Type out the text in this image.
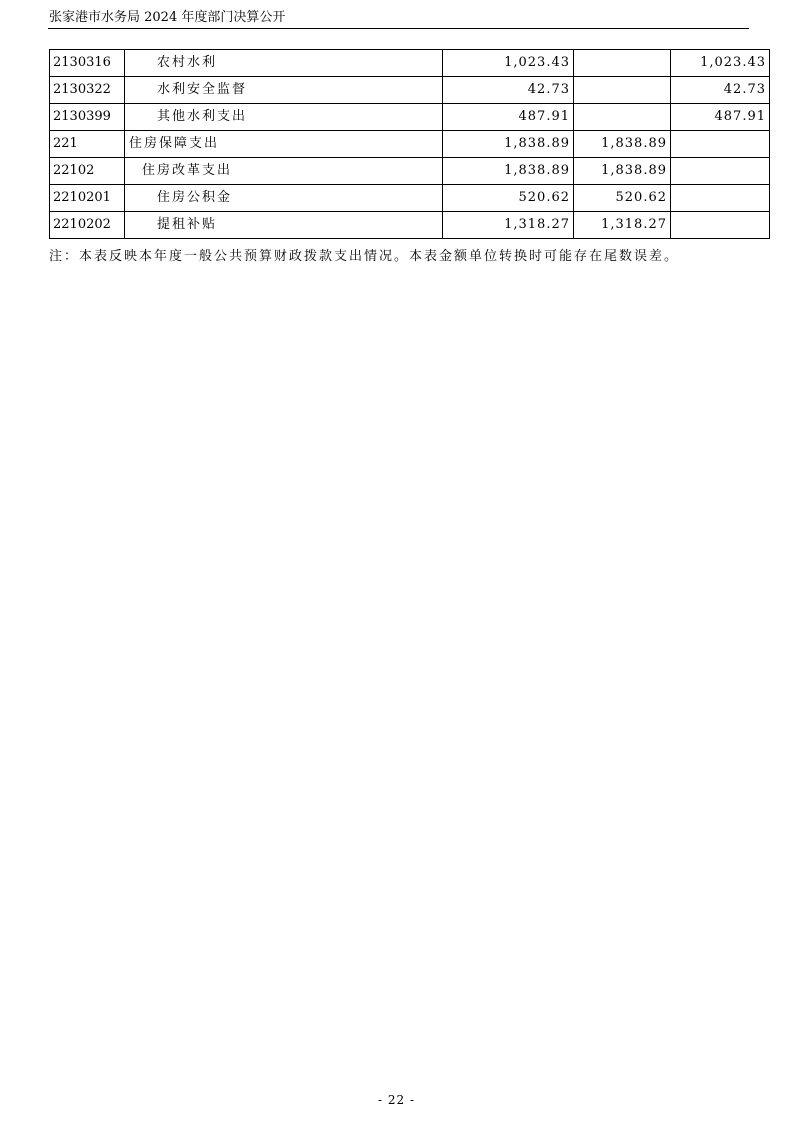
张家港市水务局 2024 年度部门决算公开
2130316	农村水利	1,023.43		1,023.43
2130322	水利安全监督	42.73		42.73
2130399	其他水利支出	487.91		487.91
221	住房保障支出	1,838.89	1,838.89	
22102	住房改革支出	1,838.89	1,838.89	
2210201	住房公积金	520.62	520.62	
2210202	提租补贴	1,318.27	1,318.27	
注：本表反映本年度一般公共预算财政拨款支出情况。本表金额单位转换时可能存在尾数误差。
- 22 -
